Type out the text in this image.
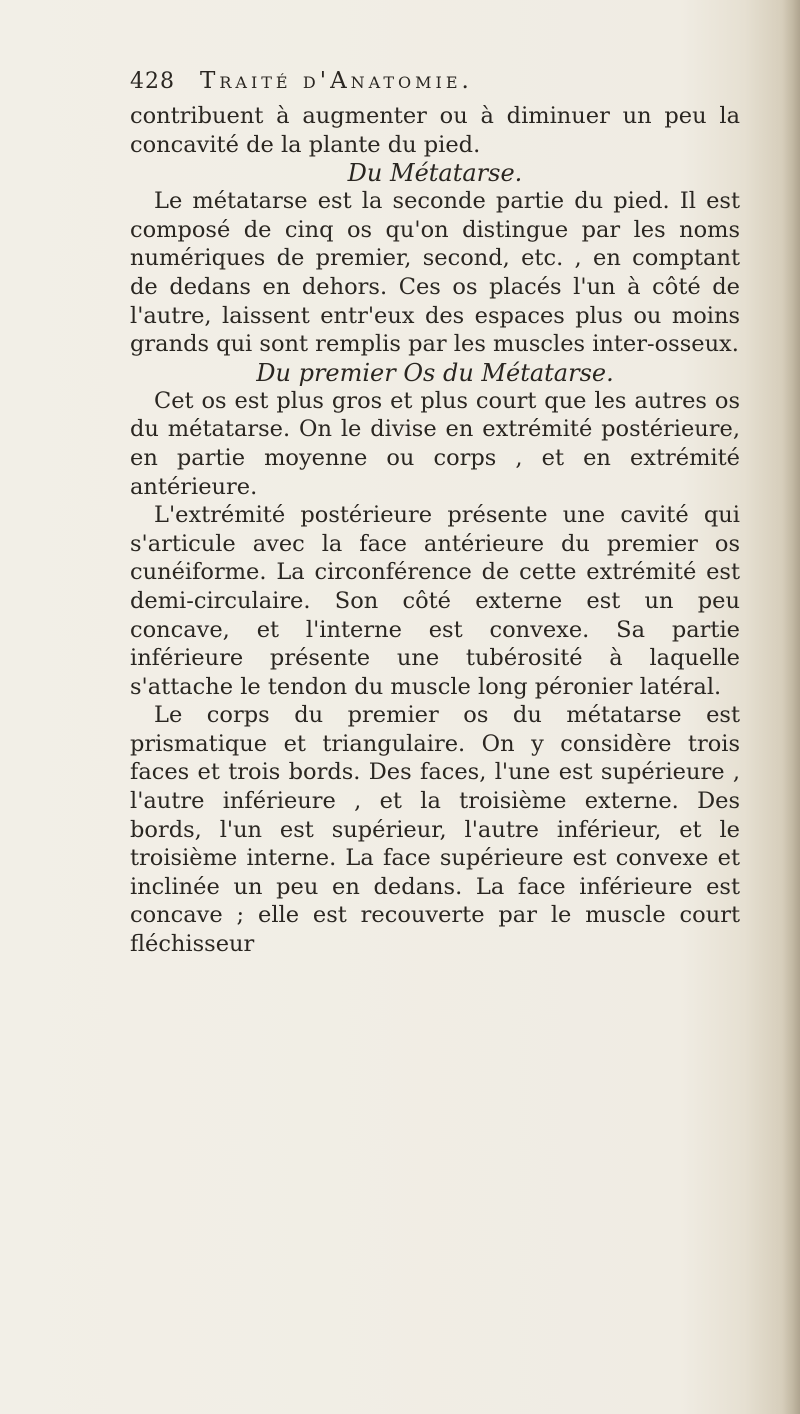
428	Traité d'Anatomie.

contribuent à augmenter ou à diminuer un peu la concavité de la plante du pied.

Du Métatarse.

Le métatarse est la seconde partie du pied. Il est composé de cinq os qu'on distingue par les noms numériques de premier, second, etc. , en comptant de dedans en dehors. Ces os placés l'un à côté de l'autre, laissent entr'eux des espaces plus ou moins grands qui sont remplis par les muscles inter-osseux.

Du premier Os du Métatarse.

Cet os est plus gros et plus court que les autres os du métatarse. On le divise en extrémité postérieure, en partie moyenne ou corps , et en extrémité antérieure.

L'extrémité postérieure présente une cavité qui s'articule avec la face antérieure du premier os cunéiforme. La circonférence de cette extrémité est demi-circulaire. Son côté externe est un peu concave, et l'interne est convexe. Sa partie inférieure présente une tubérosité à laquelle s'attache le tendon du muscle long péronier latéral.

Le corps du premier os du métatarse est prismatique et triangulaire. On y considère trois faces et trois bords. Des faces, l'une est supérieure , l'autre inférieure , et la troisième externe. Des bords, l'un est supérieur, l'autre inférieur, et le troisième interne. La face supérieure est convexe et inclinée un peu en dedans. La face inférieure est concave ; elle est recouverte par le muscle court fléchisseur
